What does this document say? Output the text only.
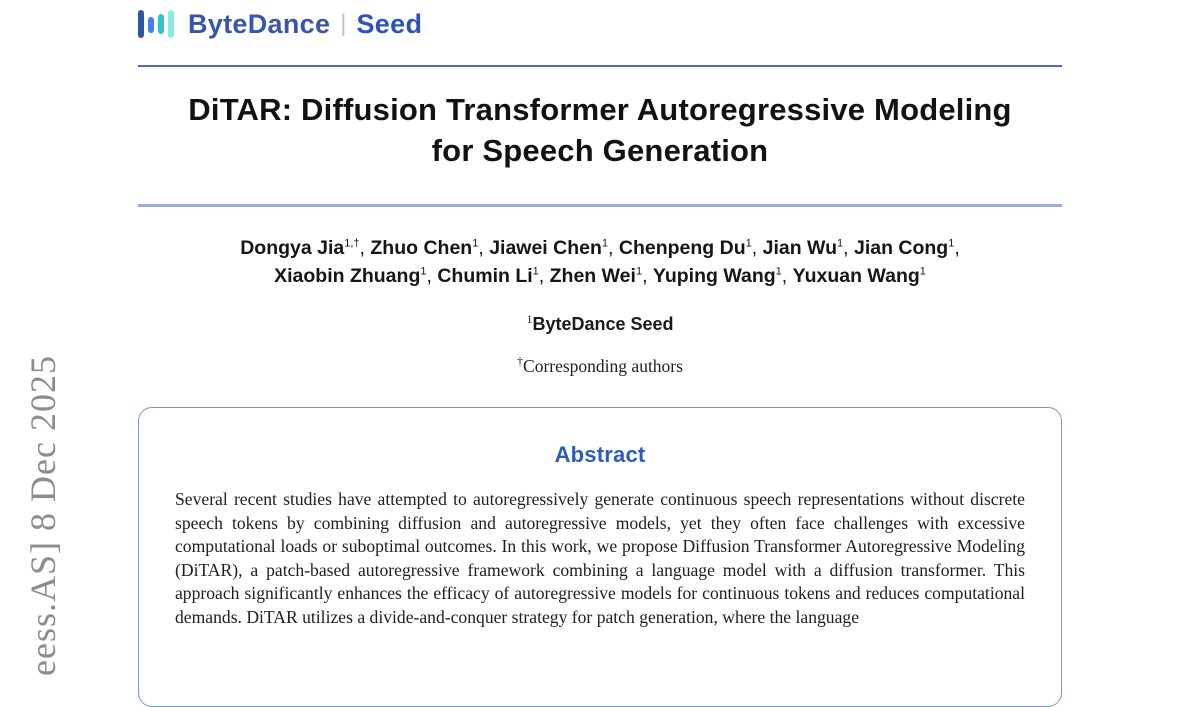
eess.AS] 8 Dec 2025
ByteDance | Seed
DiTAR: Diffusion Transformer Autoregressive Modeling
for Speech Generation
Dongya Jia$^{1,\dagger}$, Zhuo Chen$^1$, Jiawei Chen$^1$, Chenpeng Du$^1$, Jian Wu$^1$, Jian Cong$^1$,
Xiaobin Zhuang$^1$, Chumin Li$^1$, Zhen Wei$^1$, Yuping Wang$^1$, Yuxuan Wang$^1$
$^1$ByteDance Seed
†Corresponding authors
Abstract
Several recent studies have attempted to autoregressively generate continuous speech representations without discrete speech tokens by combining diffusion and autoregressive models, yet they often face challenges with excessive computational loads or suboptimal outcomes. In this work, we propose Diffusion Transformer Autoregressive Modeling (DiTAR), a patch-based autoregressive framework combining a language model with a diffusion transformer. This approach significantly enhances the efficacy of autoregressive models for continuous tokens and reduces computational demands. DiTAR utilizes a divide-and-conquer strategy for patch generation, where the language
